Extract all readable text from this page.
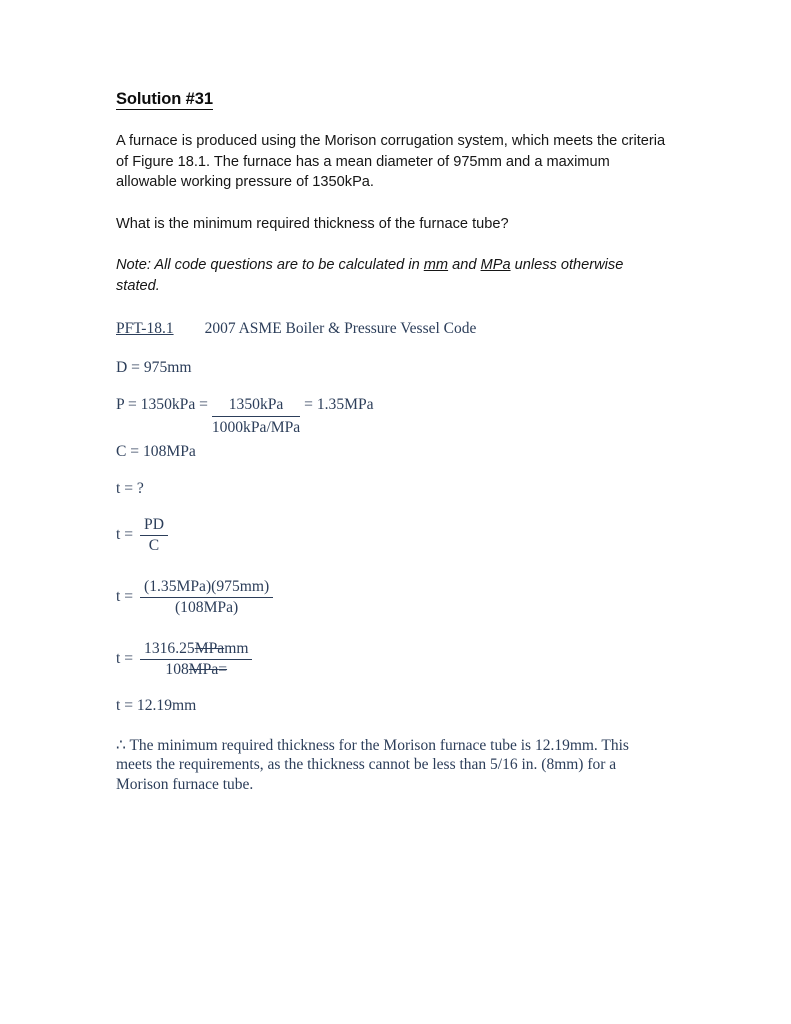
Solution #31

A furnace is produced using the Morison corrugation system, which meets the criteria of Figure 18.1. The furnace has a mean diameter of 975mm and a maximum allowable working pressure of 1350kPa.

What is the minimum required thickness of the furnace tube?

Note: All code questions are to be calculated in mm and MPa unless otherwise stated.

PFT-18.1 2007 ASME Boiler & Pressure Vessel Code

D = 975mm

$P = 1350kPa = \frac{\text{1350kPa}}{\text{1000kPa/MPa}} = 1.35MPa$

C = 108MPa

t = ?

$t = \frac{PD}{C}$
$t = \frac{\text{(1.35MPa)(975mm)}}{\text{(108MPa)}}$
$t = \frac{\text{1316.25MPamm}}{\text{108MPa=}}$

t = 12.19mm

∴ The minimum required thickness for the Morison furnace tube is 12.19mm. This meets the requirements, as the thickness cannot be less than 5/16 in. (8mm) for a Morison furnace tube.
